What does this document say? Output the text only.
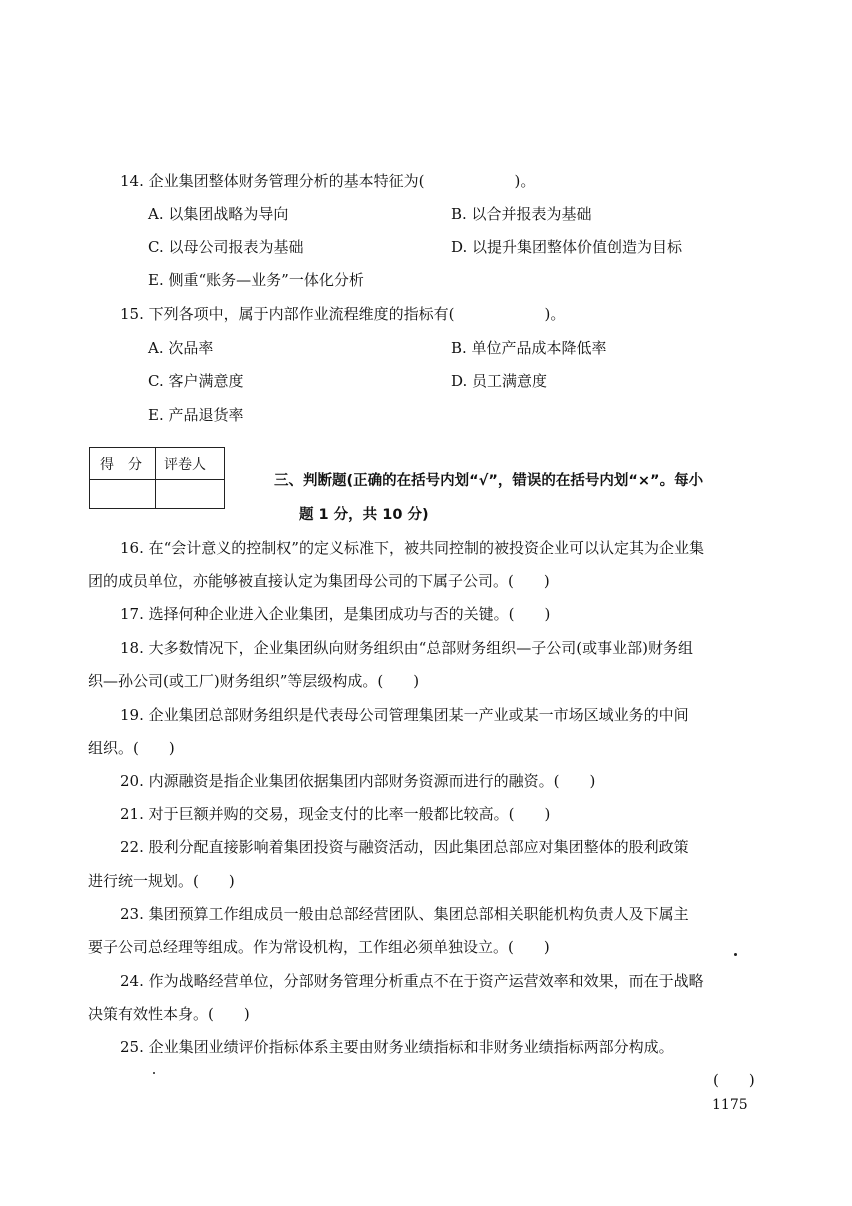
14. 企业集团整体财务管理分析的基本特征为(　　　　　　)。
A. 以集团战略为导向	B. 以合并报表为基础
C. 以母公司报表为基础	D. 以提升集团整体价值创造为目标
E. 侧重“账务—业务”一体化分析
15. 下列各项中，属于内部作业流程维度的指标有(　　　　　　)。
A. 次品率	B. 单位产品成本降低率
C. 客户满意度	D. 员工满意度
E. 产品退货率
得　分 评卷人
三、判断题(正确的在括号内划“√”，错误的在括号内划“×”。每小
题 1 分，共 10 分)
16. 在“会计意义的控制权”的定义标准下，被共同控制的被投资企业可以认定其为企业集
团的成员单位，亦能够被直接认定为集团母公司的下属子公司。(　　)
17. 选择何种企业进入企业集团，是集团成功与否的关键。(　　)
18. 大多数情况下，企业集团纵向财务组织由“总部财务组织—子公司(或事业部)财务组
织—孙公司(或工厂)财务组织”等层级构成。(　　)
19. 企业集团总部财务组织是代表母公司管理集团某一产业或某一市场区域业务的中间
组织。(　　)
20. 内源融资是指企业集团依据集团内部财务资源而进行的融资。(　　)
21. 对于巨额并购的交易，现金支付的比率一般都比较高。(　　)
22. 股利分配直接影响着集团投资与融资活动，因此集团总部应对集团整体的股利政策
进行统一规划。(　　)
23. 集团预算工作组成员一般由总部经营团队、集团总部相关职能机构负责人及下属主
要子公司总经理等组成。作为常设机构，工作组必须单独设立。(　　)
24. 作为战略经营单位，分部财务管理分析重点不在于资产运营效率和效果，而在于战略
决策有效性本身。(　　)
25. 企业集团业绩评价指标体系主要由财务业绩指标和非财务业绩指标两部分构成。
(　　)
1175
